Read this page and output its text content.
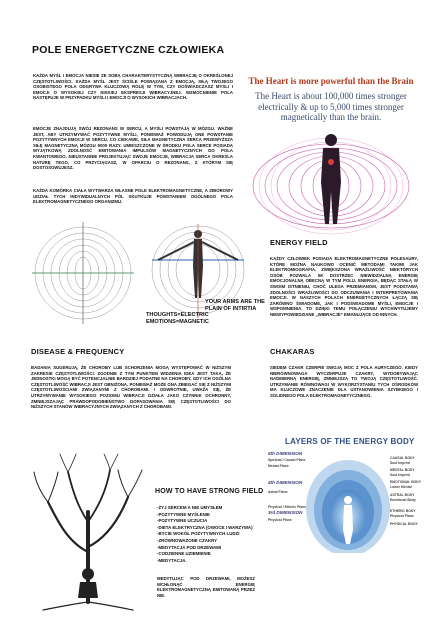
POLE ENERGETYCZNE CZŁOWIEKA
KAŻDA MYŚL I EMOCJA NIESIE ZE SOBĄ CHARAKTERYSTYCZNĄ WIBRACJĘ O OKREŚLONEJ CZĘSTOTLIWOŚCI. KAŻDA MYŚL JEST ŚCIŚLE POWIĄZANA Z EMOCJĄ, SIŁĄ TWOJEGO OSOBISTEGO POLA ODGRYWA KLUCZOWĄ ROLĘ W TYM, CZY DOŚWIADCZASZ MYŚLI I EMOCJI O WYSOKIEJ CZY NISKIEJ EKSPRESJI WIBRACYJNEJ. WZMOCNIENIE POLA NASTĘPUJE W PRZYPADKU MYŚLI I EMOCJI O WYSOKICH WIBRACJACH.
EMOCJE ZNAJDUJĄ SWÓJ REZONANS W SERCU, A MYŚLI POWSTAJĄ W MÓZGU. WAŻNE JEST, ABY UTRZYMYWAĆ POZYTYWNE MYŚLI, PONIEWAŻ POWODUJĄ ONE POWSTANIE POZYTYWNYCH EMOCJI W SERCU. CO CIEKAWE, SIŁA MAGNETYCZNA SERCA PRZEWYŻSZA SIŁĘ MAGNETYCZNĄ MÓZGU 5000 RAZY. UMIESZCZONE W ŚRODKU POLA SERCE POSIADA WYJĄTKOWĄ ZDOLNOŚĆ EMITOWANIA IMPULSÓW MAGNETYCZNYCH DO POLA KWANTOWEGO. NIEUSTANNIE PROJEKTUJĄC SWOJE EMOCJE, WIBRACJA SERCA OKREŚLA NATURĘ TEGO, CO PRZYCIĄGASZ, W OPARCIU O REZONANS, Z KTÓRYM SIĘ DOSTOSOWUJESZ.
KAŻDA KOMÓRKA CIAŁA WYTWARZA WŁASNE POLE ELEKTROMAGNETYCZNE, A ZBIOROWY UDZIAŁ TYCH INDYWIDUALNYCH PÓL SKUTKUJE POWSTANIEM OGÓLNEGO POLA ELEKTROMAGNETYCZNEGO ORGANIZMU.
The Heart is more powerful than the Brain
The Heart is about 100,000 times stronger electrically & up to 5,000 times stronger magnetically than the brain.
THOUGHTS=ELECTRIC EMOTIONS=MAGNETIC
YOUR ARMS ARE THE PLAIN OF INTIRTIA
ENERGY FIELD
KAŻDY CZŁOWIEK POSIADA ELEKTROMAGNETYCZNE POLESAURY, KTÓRE MOŻNA NAUKOWO OCENIĆ METODAMI TAKIMI JAK ELEKTROMIOGRAFIA. ZWIĘKSZONA WRAŻLIWOŚĆ NIEKTÓRYCH OSÓB POZWALA IM DOSTRZEC NIEWIDZIALNĄ ENERGIĘ EMOCJONALNĄ OBECNĄ W TYM POLU. ENERGIA, BĘDĄC STAŁĄ W SWOIM ISTNIENIU, CHOĆ ULEGA PRZEMIANOM, JEST PODSTAWĄ ZDOLNOŚCI WRAŻLIWOŚCI DO ODCZUWANIA I INTERPRETOWANIA EMOCJI. W NASZYCH POLACH ENERGETYCZNYCH ŁĄCZĄ SIĘ ZARÓWNO ŚWIADOME, JAK I PODŚWIADOME MYŚLI, EMOCJE I WSPOMNIENIA. TO DZIĘKI TEMU POŁĄCZENIU WYCHWYTUJEMY NIEWYPOWIEDZIANE „WIBRACJE” EMANUJĄCE OD INNYCH.
DISEASE & FREQUENCY
BADANIA SUGERUJĄ, ŻE CHOROBY LUB SCHORZENIA MOGĄ WYSTĘPOWAĆ W NIŻSZYM ZAKRESIE CZĘSTOTLIWOŚCI. ZGODNIE Z TYM PUNKTEM WIDZENIA IDEA JEST TAKA, ŻE JEDNOSTKI MOGĄ BYĆ POTENCJALNIE BARDZIEJ PODATNE NA CHOROBY, GDY ICH OGÓLNA CZĘSTOTLIWOŚĆ WIBRACJI JEST OBNIŻONA. PONIEWAŻ MOŻE ONA ZBIEGAĆ SIĘ Z NIŻSZYMI CZĘSTOTLIWOŚCIAMI ZWIĄZANYMI Z CHOROBAMI. I ODWROTNIE, UWAŻA SIĘ, ŻE UTRZYMYWANIE WYSOKIEGO POZIOMU WIBRACJI DZIAŁA JAKO CZYNNIK OCHRONNY, ZMNIEJSZAJĄC PRAWDOPODOBIEŃSTWO DOPASOWANIA SIĘ CZĘSTOTLIWOŚCI DO NIŻSZYCH STANÓW WIBRACYJNYCH ZWIĄZANYCH Z CHOROBAMI.
CHAKARAS
SIEDEM CZAKR CZERPIE SWOJĄ MOC Z POLA AURYCZEGO. KIEDY NIERÓWNOWAGA WYCZERPUJE CZAKRY, WYDOBYWAJĄC NADMIERNĄ ENERGIĘ, ZMNIEJSZA TO TWOJĄ CZĘSTOTLIWOŚĆ. UTRZYMANIE RÓWNOWAGI W WYKORZYSTANIU TYCH OŚRODKÓW MA KLUCZOWE ZNACZENIE DLA USTANOWIENIA SZYBKIEGO I SOLIDNEGO POLA ELEKTROMAGNETYCZNEGO.
LAYERS OF THE ENERGY BODY
5th DIMENSION
4th DIMENSION
3rd DIMENSION
Spiritual / Causal Plane
Mental Plane
Astral Plane
Physical / Etheric Plane
Physical Plane
CAUSAL BODY
Soul Imprint
MENTAL BODY
Soul Imprint
EMOTIONAL BODY
Lower Mental
ASTRAL BODY
Emotional Body
ETHERIC BODY
Physical Plane
PHYSICAL BODY
HOW TO HAVE STRONG FIELD
-ŻYJ SERCEM A NIE UMYSŁEM
-POZYTYWNE MYŚLENIE
-POZYTYWNE UCZUCIA
-DIETA ELEKTRYCZNA (OWOCE I WARZYWA)
-BYCIE WOKÓŁ POZYTYWNYCH LUDZI
-ZRÓWNOWAŻONE CZAKRY
-MEDYTACJA POD DRZEWAMI
-CODZIENNE UZIEMIENIE
-MEDYTACJA.
MEDYTUJĄC POD DRZEWAMI, MOŻESZ WCHŁONĄĆ ENERGIĘ ELEKTROMAGNETYCZNĄ EMITOWANĄ PRZEZ NIE.
